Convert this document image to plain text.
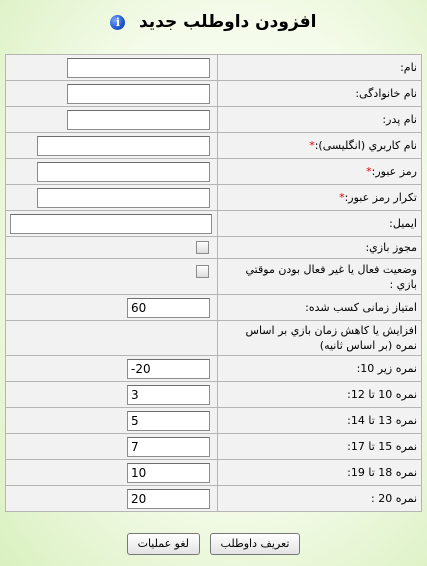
افزودن داوطلب جديد i
نام:	
نام خانوادگی:	
نام پدر:	
نام كاربري (انگليسی):*	
رمز عبور:*	
تكرار رمز عبور:*	
ايميل:	
مجوز بازي:	
وضعيت فعال يا غير فعال بودن موقتي بازي :	
امتياز زمانی كسب شده:	60
افزايش يا كاهش زمان بازي بر اساس نمره (بر اساس ثانيه)	
نمره زير 10:	-20
نمره 10 تا 12:	3
نمره 13 تا 14:	5
نمره 15 تا 17:	7
نمره 18 تا 19:	10
نمره 20 :	20
تعريف داوطلب لغو عمليات
